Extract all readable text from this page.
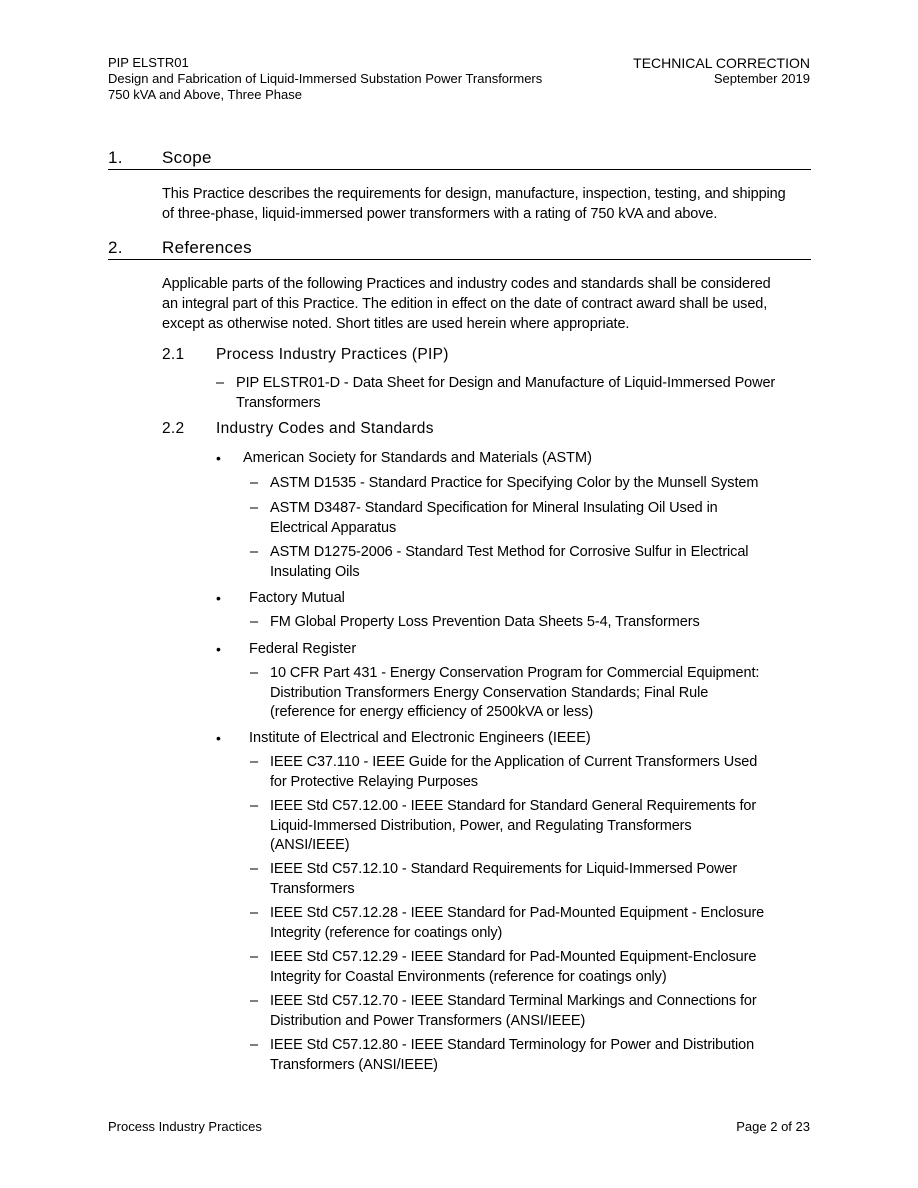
PIP ELSTR01
Design and Fabrication of Liquid-Immersed Substation Power Transformers
750 kVA and Above, Three Phase
TECHNICAL CORRECTION
September 2019
1. Scope
This Practice describes the requirements for design, manufacture, inspection, testing, and shipping
of three-phase, liquid-immersed power transformers with a rating of 750 kVA and above.
2. References
Applicable parts of the following Practices and industry codes and standards shall be considered
an integral part of this Practice. The edition in effect on the date of contract award shall be used,
except as otherwise noted. Short titles are used herein where appropriate.
2.1 Process Industry Practices (PIP)
– PIP ELSTR01-D - Data Sheet for Design and Manufacture of Liquid-Immersed Power
Transformers
2.2 Industry Codes and Standards
• American Society for Standards and Materials (ASTM)
– ASTM D1535 - Standard Practice for Specifying Color by the Munsell System
– ASTM D3487- Standard Specification for Mineral Insulating Oil Used in
Electrical Apparatus
– ASTM D1275-2006 - Standard Test Method for Corrosive Sulfur in Electrical
Insulating Oils
• Factory Mutual
– FM Global Property Loss Prevention Data Sheets 5-4, Transformers
• Federal Register
– 10 CFR Part 431 - Energy Conservation Program for Commercial Equipment:
Distribution Transformers Energy Conservation Standards; Final Rule
(reference for energy efficiency of 2500kVA or less)
• Institute of Electrical and Electronic Engineers (IEEE)
– IEEE C37.110 - IEEE Guide for the Application of Current Transformers Used
for Protective Relaying Purposes
– IEEE Std C57.12.00 - IEEE Standard for Standard General Requirements for
Liquid-Immersed Distribution, Power, and Regulating Transformers
(ANSI/IEEE)
– IEEE Std C57.12.10 - Standard Requirements for Liquid-Immersed Power
Transformers
– IEEE Std C57.12.28 - IEEE Standard for Pad-Mounted Equipment - Enclosure
Integrity (reference for coatings only)
– IEEE Std C57.12.29 - IEEE Standard for Pad-Mounted Equipment-Enclosure
Integrity for Coastal Environments (reference for coatings only)
– IEEE Std C57.12.70 - IEEE Standard Terminal Markings and Connections for
Distribution and Power Transformers (ANSI/IEEE)
– IEEE Std C57.12.80 - IEEE Standard Terminology for Power and Distribution
Transformers (ANSI/IEEE)
Process Industry Practices	Page 2 of 23
